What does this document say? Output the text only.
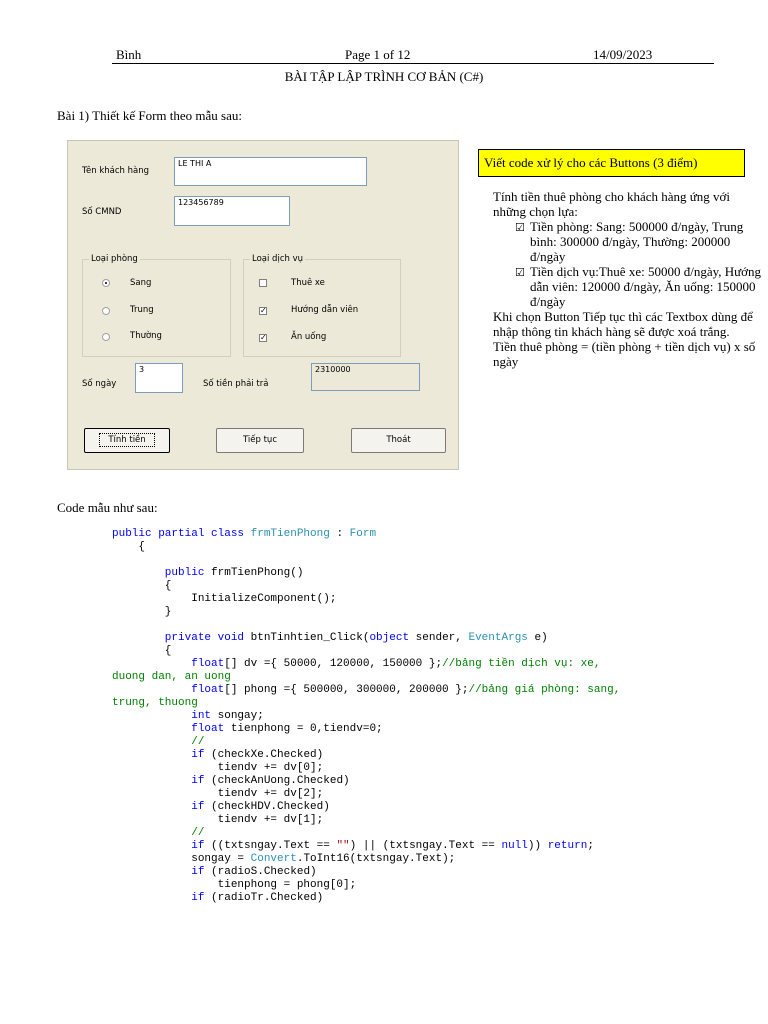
Bình	Page 1 of 12	14/09/2023
BÀI TẬP LẬP TRÌNH CƠ BẢN (C#)
Bài 1) Thiết kế Form theo mẫu sau:
Tên khách hàng
LE THI A
Số CMND
123456789
Loại phòng
Sang
Trung
Thường
Loại dịch vụ
Thuê xe
✓	Hướng dẫn viên
✓	Ăn uống
Số ngày
3
Số tiền phải trả
2310000
Tính tiền	Tiếp tục	Thoát
Viết code xử lý cho các Buttons (3 điểm)

Tính tiền thuê phòng cho khách hàng ứng với những chọn lựa:

☑ Tiền phòng: Sang: 500000 đ/ngày, Trung bình: 300000 đ/ngày, Thường: 200000 đ/ngày

☑ Tiền dịch vụ:Thuê xe: 50000 đ/ngày, Hướng dẫn viên: 120000 đ/ngày, Ăn uống: 150000 đ/ngày

Khi chọn Button Tiếp tục thì các Textbox dùng để nhập thông tin khách hàng sẽ được xoá trắng.

Tiền thuê phòng = (tiền phòng + tiền dịch vụ) x số ngày

Code mẫu như sau:
public partial class frmTienPhong : Form
{

public frmTienPhong()
{
InitializeComponent();
}

private void btnTinhtien_Click(object sender, EventArgs e)
{
float[] dv ={ 50000, 120000, 150000 };//bảng tiền dịch vụ: xe,
duong dan, an uong
float[] phong ={ 500000, 300000, 200000 };//bảng giá phòng: sang,
trung, thuong
int songay;
float tienphong = 0,tiendv=0;
//
if (checkXe.Checked)
tiendv += dv[0];
if (checkAnUong.Checked)
tiendv += dv[2];
if (checkHDV.Checked)
tiendv += dv[1];
//
if ((txtsngay.Text == "") || (txtsngay.Text == null)) return;
songay = Convert.ToInt16(txtsngay.Text);
if (radioS.Checked)
tienphong = phong[0];
if (radioTr.Checked)
